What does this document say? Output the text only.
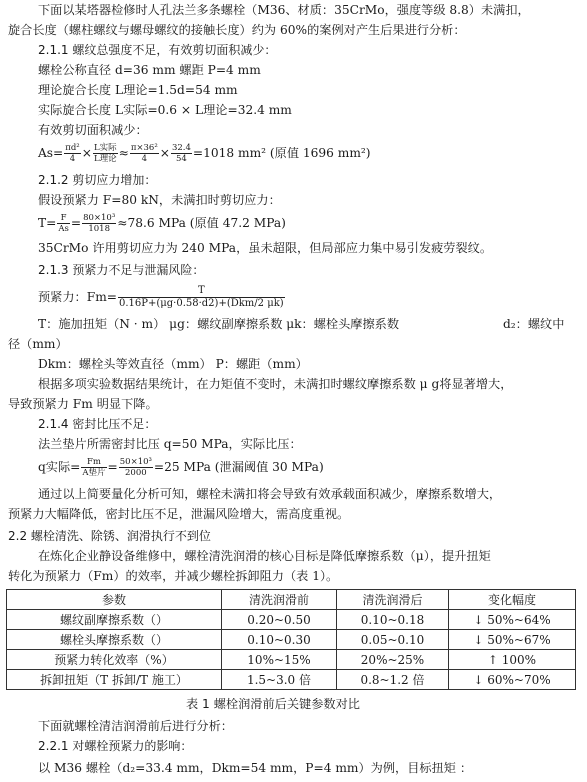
下面以某塔器检修时人孔法兰多条螺栓（M36、材质：35CrMo，强度等级 8.8）未满扣，
旋合长度（螺柱螺纹与螺母螺纹的接触长度）约为 60%的案例对产生后果进行分析：
2.1.1 螺纹总强度不足，有效剪切面积减少：
螺栓公称直径 d=36 mm 螺距 P=4 mm
理论旋合长度 L理论=1.5d=54 mm
实际旋合长度 L实际=0.6 × L理论=32.4 mm
有效剪切面积减少：
$As= \frac{\text{πd²}}{4} \times \frac{\text{L实际}}{\text{L理论}} \approx \frac{\text{π×36²}}{4} \times \frac{32.4}{54} =1018$ mm² (原值 1696 mm²)
2.1.2 剪切应力增加：
假设预紧力 F=80 kN，未满扣时剪切应力：
$T= \frac{F}{As} = \frac{\text{80×10³}}{1018} \approx 78.6$ MPa (原值 47.2 MPa)
35CrMo 许用剪切应力为 240 MPa，虽未超限，但局部应力集中易引发疲劳裂纹。
2.1.3 预紧力不足与泄漏风险：
预紧力：$Fm= \frac{T}{\text{0.16P+(μg·0.58·d2)+(Dkm/2 μk)}}$
T：施加扭矩（N · m） μg：螺纹副摩擦系数 μk：螺栓头摩擦系数	d₂：螺纹中
径（mm）
Dkm：螺栓头等效直径（mm） P：螺距（mm）
根据多项实验数据结果统计，在力矩值不变时，未满扣时螺纹摩擦系数 μ g将显著增大，
导致预紧力 Fm 明显下降。
2.1.4 密封比压不足：
法兰垫片所需密封比压 q=50 MPa，实际比压：
q实际= $\frac{Fm}{\text{A垫片}} = \frac{\text{50×10³}}{2000} =25$ MPa (泄漏阈值 30 MPa)
通过以上简要量化分析可知，螺栓未满扣将会导致有效承载面积减少，摩擦系数增大，
预紧力大幅降低，密封比压不足，泄漏风险增大，需高度重视。
2.2 螺栓清洗、除锈、润滑执行不到位
在炼化企业静设备维修中，螺栓清洗润滑的核心目标是降低摩擦系数（μ），提升扭矩
转化为预紧力（Fm）的效率，并减少螺栓拆卸阻力（表 1）。
参数	清洗润滑前	清洗润滑后	变化幅度
螺纹副摩擦系数（）	0.20~0.50	0.10~0.18	↓ 50%~64%
螺栓头摩擦系数（）	0.10~0.30	0.05~0.10	↓ 50%~67%
预紧力转化效率（%）	10%~15%	20%~25%	↑ 100%
拆卸扭矩（T 拆卸/T 施工）	1.5~3.0 倍	0.8~1.2 倍	↓ 60%~70%
表 1 螺栓润滑前后关键参数对比
下面就螺栓清洁润滑前后进行分析：
2.2.1 对螺栓预紧力的影响：
以 M36 螺栓（d₂=33.4 mm，Dkm=54 mm，P=4 mm）为例，目标扭矩 ：
